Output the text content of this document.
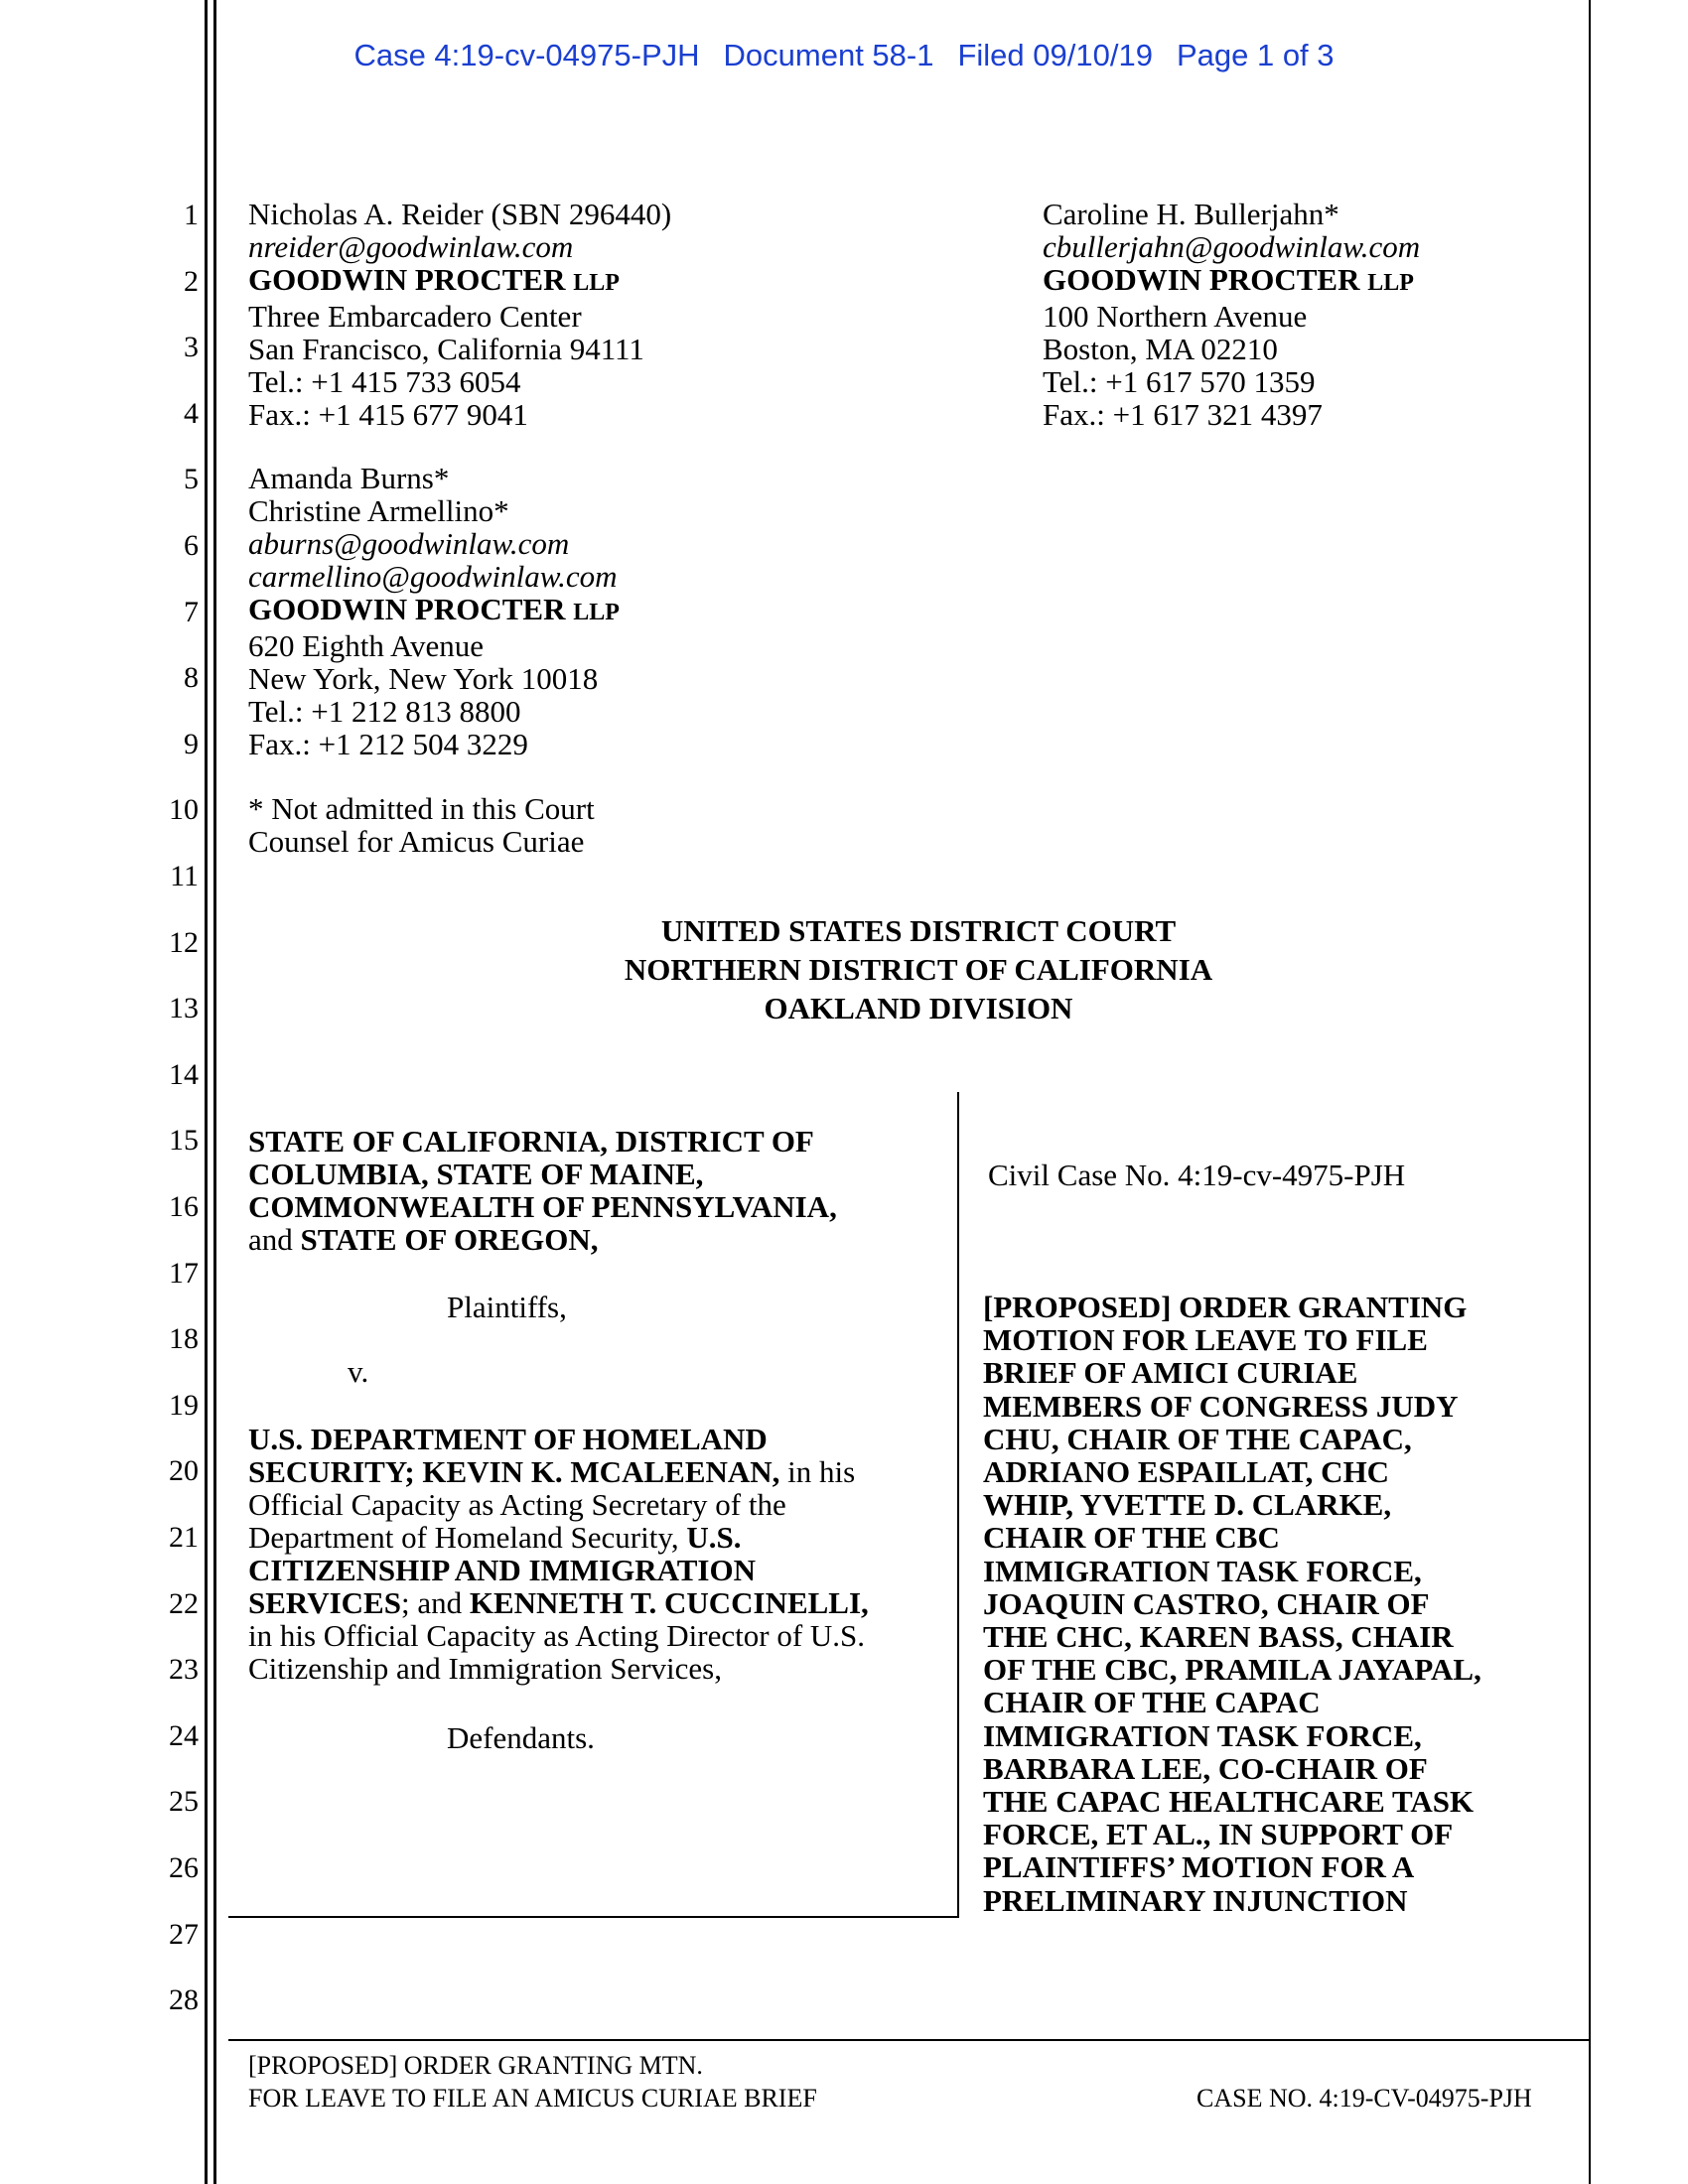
Case 4:19-cv-04975-PJH Document 58-1 Filed 09/10/19 Page 1 of 3
1
2
3
4
5
6
7
8
9
10
11
12
13
14
15
16
17
18
19
20
21
22
23
24
25
26
27
28
Nicholas A. Reider (SBN 296440)
nreider@goodwinlaw.com
GOODWIN PROCTER LLP
Three Embarcadero Center
San Francisco, California 94111
Tel.: +1 415 733 6054
Fax.: +1 415 677 9041
Caroline H. Bullerjahn*
cbullerjahn@goodwinlaw.com
GOODWIN PROCTER LLP
100 Northern Avenue
Boston, MA 02210
Tel.: +1 617 570 1359
Fax.: +1 617 321 4397
Amanda Burns*
Christine Armellino*
aburns@goodwinlaw.com
carmellino@goodwinlaw.com
GOODWIN PROCTER LLP
620 Eighth Avenue
New York, New York 10018
Tel.: +1 212 813 8800
Fax.: +1 212 504 3229
* Not admitted in this Court
Counsel for Amicus Curiae
UNITED STATES DISTRICT COURT
NORTHERN DISTRICT OF CALIFORNIA
OAKLAND DIVISION
STATE OF CALIFORNIA, DISTRICT OF
COLUMBIA, STATE OF MAINE,
COMMONWEALTH OF PENNSYLVANIA,
and STATE OF OREGON,
Plaintiffs,
v.
U.S. DEPARTMENT OF HOMELAND
SECURITY; KEVIN K. MCALEENAN, in his
Official Capacity as Acting Secretary of the
Department of Homeland Security, U.S.
CITIZENSHIP AND IMMIGRATION
SERVICES; and KENNETH T. CUCCINELLI,
in his Official Capacity as Acting Director of U.S.
Citizenship and Immigration Services,
Defendants.
Civil Case No. 4:19-cv-4975-PJH
[PROPOSED] ORDER GRANTING
MOTION FOR LEAVE TO FILE
BRIEF OF AMICI CURIAE
MEMBERS OF CONGRESS JUDY
CHU, CHAIR OF THE CAPAC,
ADRIANO ESPAILLAT, CHC
WHIP, YVETTE D. CLARKE,
CHAIR OF THE CBC
IMMIGRATION TASK FORCE,
JOAQUIN CASTRO, CHAIR OF
THE CHC, KAREN BASS, CHAIR
OF THE CBC, PRAMILA JAYAPAL,
CHAIR OF THE CAPAC
IMMIGRATION TASK FORCE,
BARBARA LEE, CO-CHAIR OF
THE CAPAC HEALTHCARE TASK
FORCE, ET AL., IN SUPPORT OF
PLAINTIFFS’ MOTION FOR A
PRELIMINARY INJUNCTION
[PROPOSED] ORDER GRANTING MTN.
FOR LEAVE TO FILE AN AMICUS CURIAE BRIEF	CASE NO. 4:19-CV-04975-PJH
